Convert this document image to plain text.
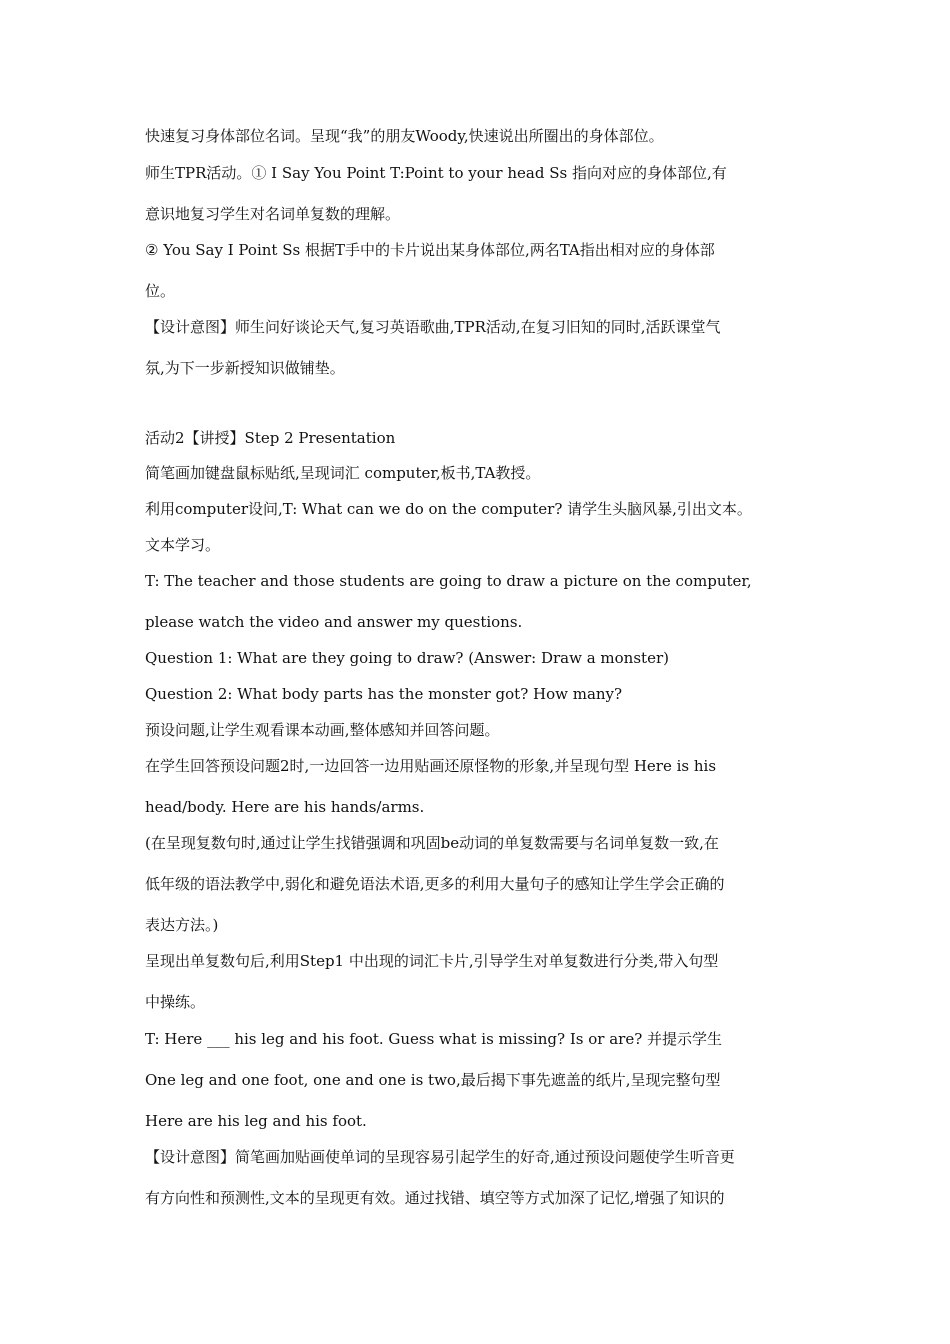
快速复习身体部位名词。呈现“我”的朋友Woody,快速说出所圈出的身体部位。
师生TPR活动。① I Say You Point T:Point to your head Ss 指向对应的身体部位,有
意识地复习学生对名词单复数的理解。
② You Say I Point Ss 根据T手中的卡片说出某身体部位,两名TA指出相对应的身体部
位。
【设计意图】师生问好谈论天气,复习英语歌曲,TPR活动,在复习旧知的同时,活跃课堂气
氛,为下一步新授知识做铺垫。
活动2【讲授】Step 2 Presentation
简笔画加键盘鼠标贴纸,呈现词汇 computer,板书,TA教授。
利用computer设问,T: What can we do on the computer? 请学生头脑风暴,引出文本。
文本学习。
T: The teacher and those students are going to draw a picture on the computer,
please watch the video and answer my questions.
Question 1: What are they going to draw? (Answer: Draw a monster)
Question 2: What body parts has the monster got? How many?
预设问题,让学生观看课本动画,整体感知并回答问题。
在学生回答预设问题2时,一边回答一边用贴画还原怪物的形象,并呈现句型 Here is his
head/body. Here are his hands/arms.
(在呈现复数句时,通过让学生找错强调和巩固be动词的单复数需要与名词单复数一致,在
低年级的语法教学中,弱化和避免语法术语,更多的利用大量句子的感知让学生学会正确的
表达方法。)
呈现出单复数句后,利用Step1 中出现的词汇卡片,引导学生对单复数进行分类,带入句型
中操练。
T: Here ___ his leg and his foot. Guess what is missing? Is or are? 并提示学生
One leg and one foot, one and one is two,最后揭下事先遮盖的纸片,呈现完整句型
Here are his leg and his foot.
【设计意图】简笔画加贴画使单词的呈现容易引起学生的好奇,通过预设问题使学生听音更
有方向性和预测性,文本的呈现更有效。通过找错、填空等方式加深了记忆,增强了知识的
